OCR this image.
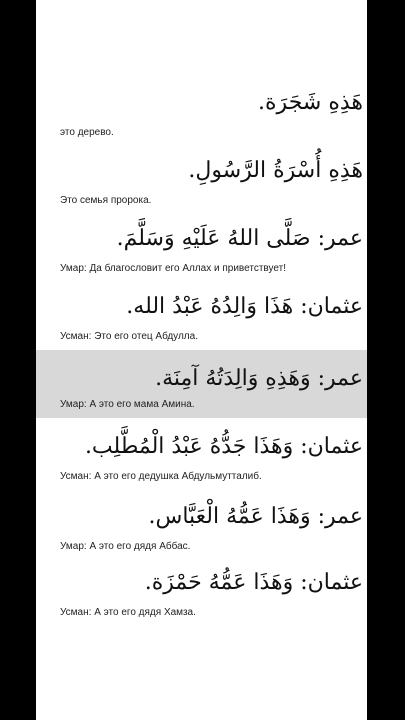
هَذِهِ شَجَرَة.
это дерево.
هَذِهِ أُسْرَةُ الرَّسُولِ.
Это семья пророка.
عمر: صَلَّى اللهُ عَلَيْهِ وَسَلَّمَ.
Умар: Да благословит его Аллах и приветствует!
عثمان: هَذَا وَالِدُهُ عَبْدُ الله.
Усман: Это его отец Абдулла.
عمر: وَهَذِهِ وَالِدَتُهُ آمِنَة.
Умар: А это его мама Амина.
عثمان: وَهَذَا جَدُّهُ عَبْدُ الْمُطَّلِب.
Усман: А это его дедушка Абдульмутталиб.
عمر: وَهَذَا عَمُّهُ الْعَبَّاس.
Умар: А это его дядя Аббас.
عثمان: وَهَذَا عَمُّهُ حَمْزَة.
Усман: А это его дядя Хамза.
